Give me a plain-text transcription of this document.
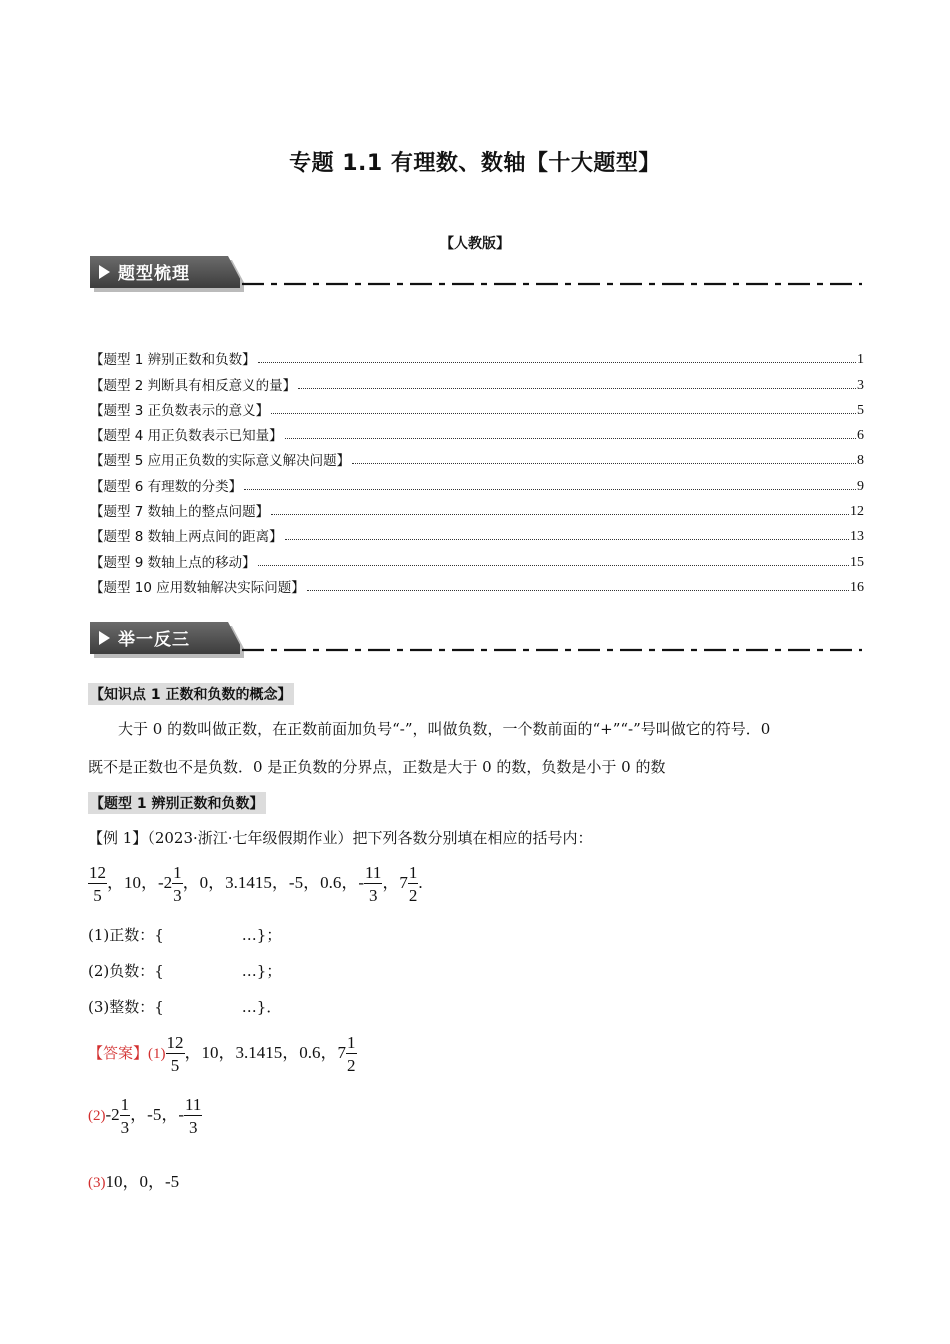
专题 1.1 有理数、数轴【十大题型】
【人教版】
题型梳理
【题型 1 辨别正数和负数】	1
【题型 2 判断具有相反意义的量】	3
【题型 3 正负数表示的意义】	5
【题型 4 用正负数表示已知量】	6
【题型 5 应用正负数的实际意义解决问题】	8
【题型 6 有理数的分类】	9
【题型 7 数轴上的整点问题】	12
【题型 8 数轴上两点间的距离】	13
【题型 9 数轴上点的移动】	15
【题型 10 应用数轴解决实际问题】	16
举一反三
【知识点 1 正数和负数的概念】
大于 0 的数叫做正数，在正数前面加负号“-”，叫做负数，一个数前面的“+”“-”号叫做它的符号．0
既不是正数也不是负数．0 是正负数的分界点，正数是大于 0 的数，负数是小于 0 的数
【题型 1 辨别正数和负数】
【例 1】（2023·浙江·七年级假期作业）把下列各数分别填在相应的括号内：
$\frac{12}{5}$ ，10，$-2 \frac{1}{3}$ ，0，3.1415，-5，0.6，- $\frac{11}{3}$ ，$7 \frac{1}{2}$ .
(1)正数：{	…}；
(2)负数：{	…}；
(3)整数：{	…}．
【答案】$(1) \frac{12}{5}$ ，10，3.1415，0.6，$7 \frac{1}{2}$
$(2)-2 \frac{1}{3}$ ，-5，- $\frac{11}{3}$
(3)10，0，-5
